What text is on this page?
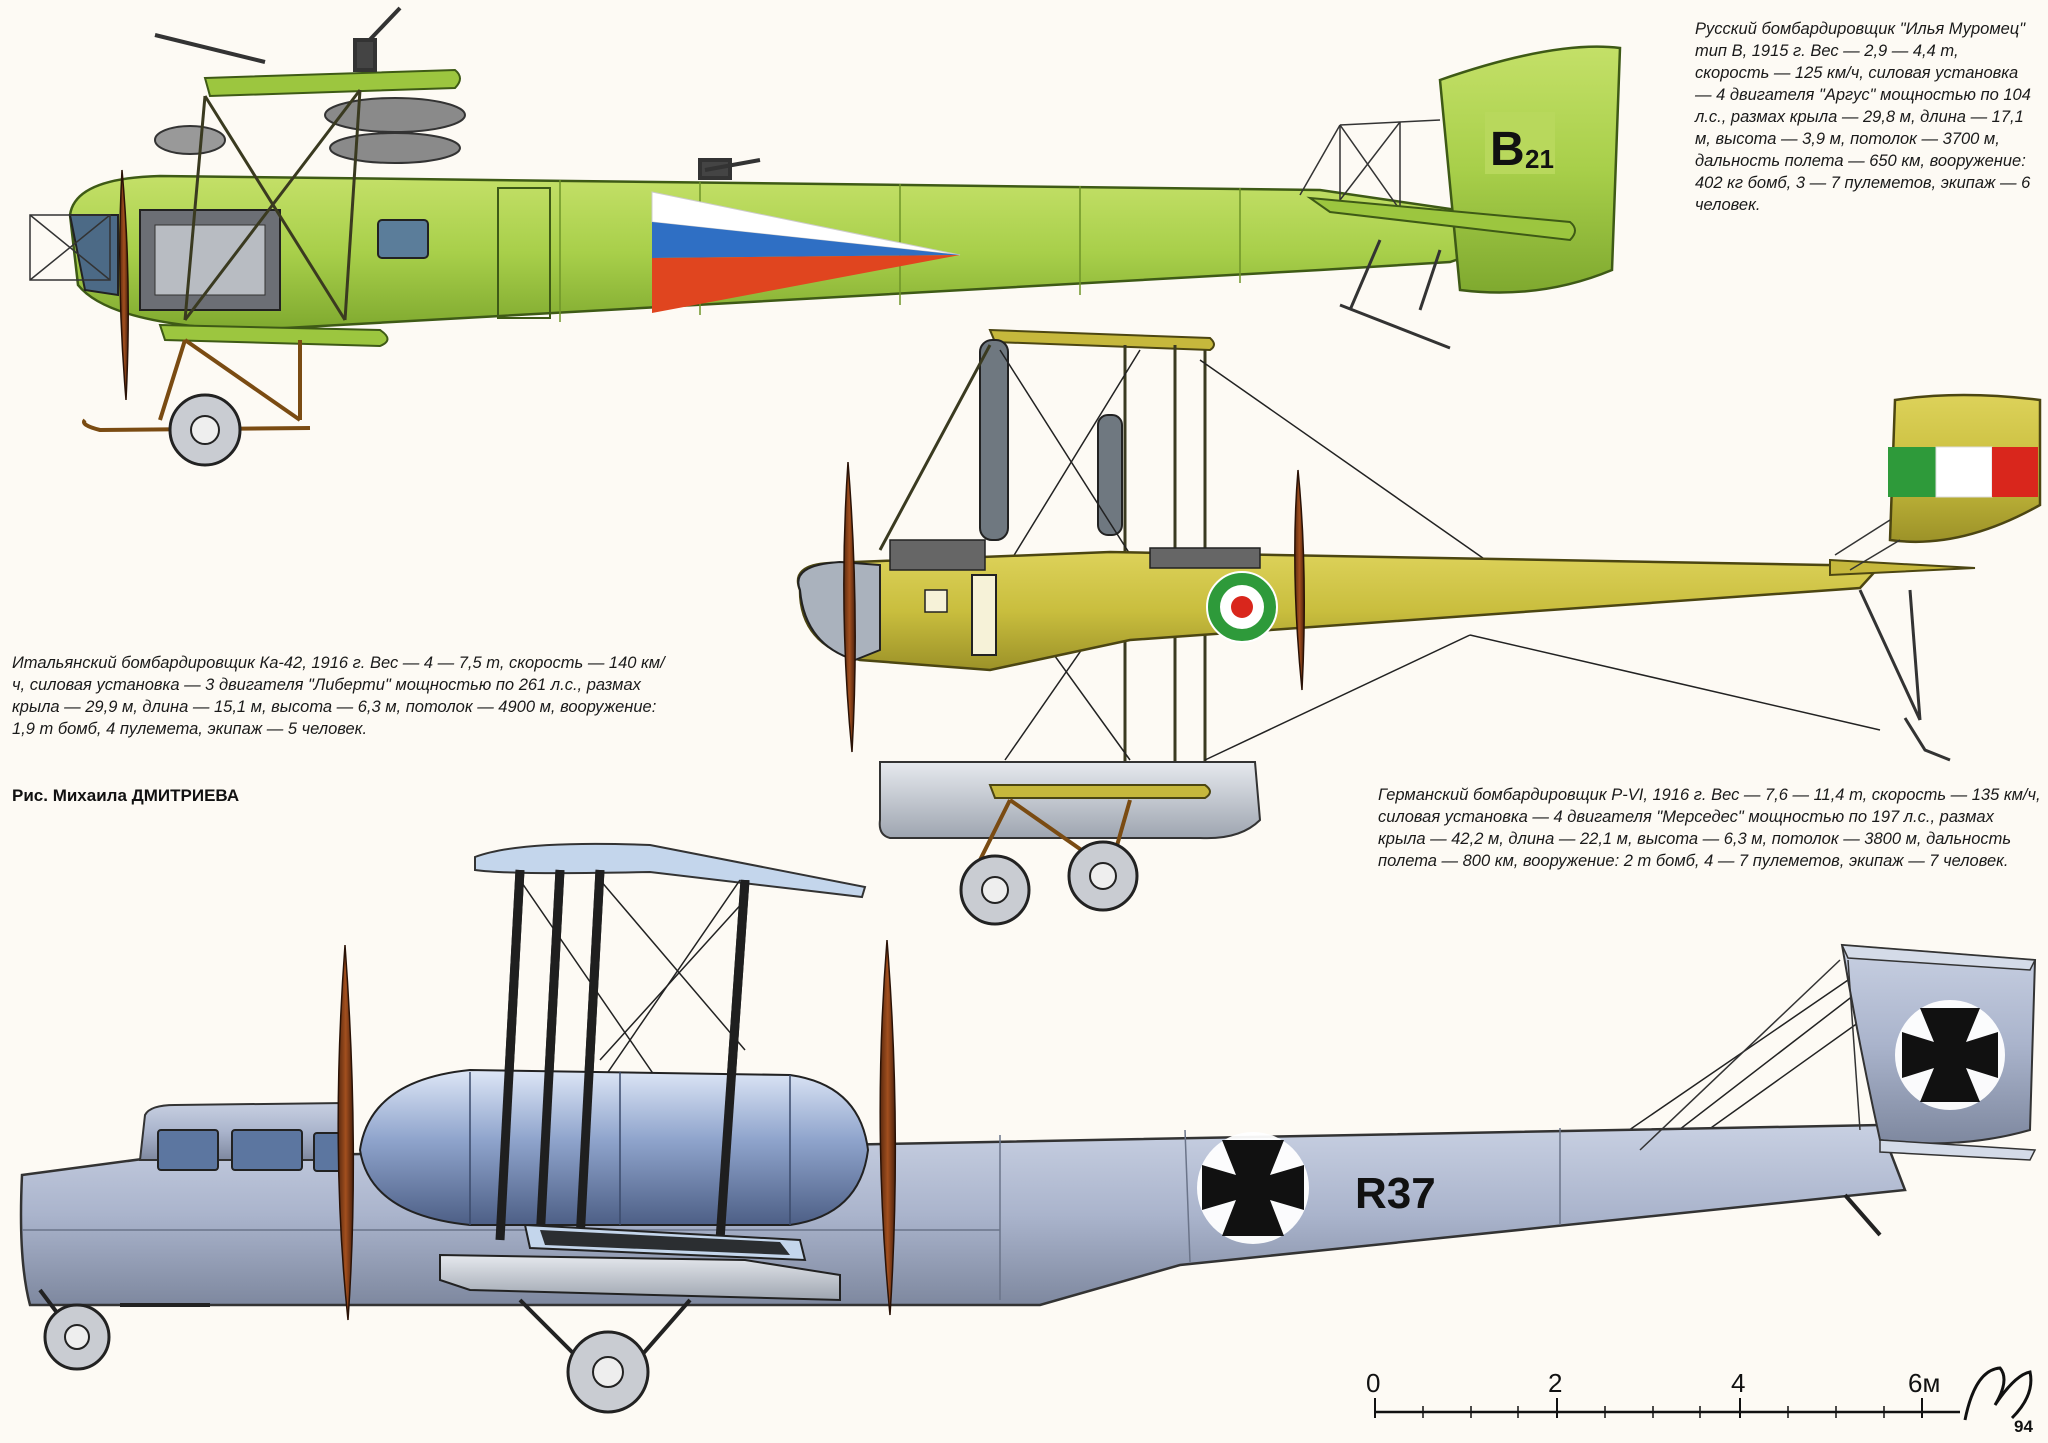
Русский бомбардировщик "Илья Муромец" тип В, 1915 г. Вес — 2,9 — 4,4 т, скорость — 125 км/ч, силовая установка — 4 двигателя "Аргус" мощностью по 104 л.с., размах крыла — 29,8 м, длина — 17,1 м, высота — 3,9 м, потолок — 3700 м, дальность полета — 650 км, вооружение: 402 кг бомб, 3 — 7 пулеметов, экипаж — 6 человек.
Итальянский бомбардировщик Ка-42, 1916 г. Вес — 4 — 7,5 т, скорость — 140 км/ч, силовая установка — 3 двигателя "Либерти" мощностью по 261 л.с., размах крыла — 29,9 м, длина — 15,1 м, высота — 6,3 м, потолок — 4900 м, вооружение: 1,9 т бомб, 4 пулемета, экипаж — 5 человек.
Германский бомбардировщик P-VI, 1916 г. Вес — 7,6 — 11,4 т, скорость — 135 км/ч, силовая установка — 4 двигателя "Мерседес" мощностью по 197 л.с., размах крыла — 42,2 м, длина — 22,1 м, высота — 6,3 м, потолок — 3800 м, дальность полета — 800 км, вооружение: 2 т бомб, 4 — 7 пулеметов, экипаж — 7 человек.
Рис. Михаила ДМИТРИЕВА
В 21
R37
0	2	4	6м
94
